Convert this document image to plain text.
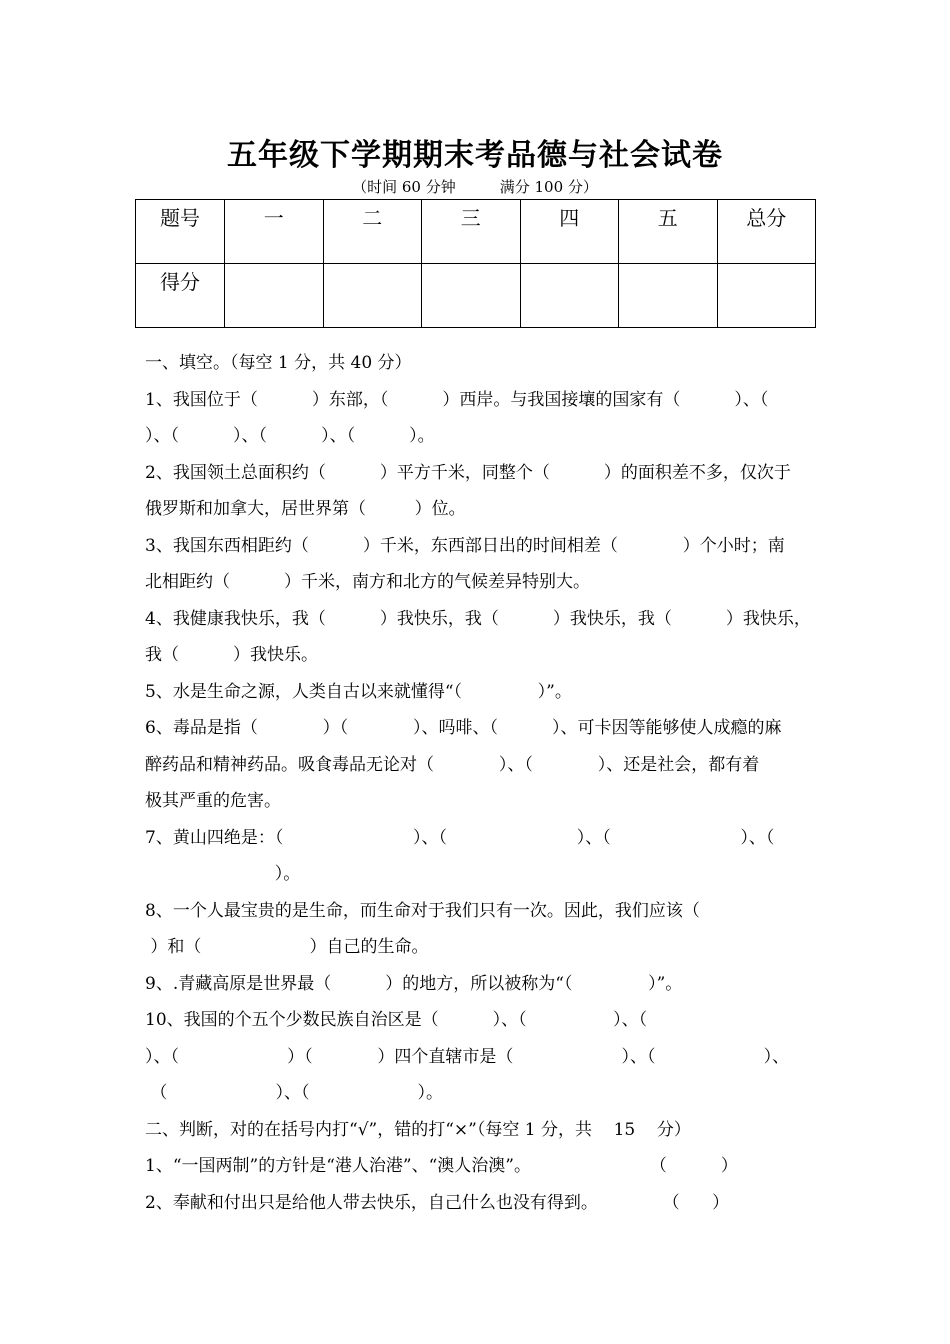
五年级下学期期末考品德与社会试卷
（时间 60 分钟	满分 100 分）
题号	一	二	三	四	五	总分
得分						
一、填空。（每空 1 分，共 40 分）
1、我国位于（          ）东部，（          ）西岸。与我国接壤的国家有（          ）、（
）、（          ）、（          ）、（          ）。
2、我国领土总面积约（          ）平方千米，同整个（          ）的面积差不多，仅次于
俄罗斯和加拿大，居世界第（         ）位。
3、我国东西相距约（          ）千米，东西部日出的时间相差（            ）个小时；南
北相距约（          ）千米，南方和北方的气候差异特别大。
4、我健康我快乐，我（          ）我快乐，我（          ）我快乐，我（          ）我快乐，
我（          ）我快乐。
5、水是生命之源，人类自古以来就懂得“（              ）”。
6、毒品是指（            ）（            ）、吗啡、（          ）、可卡因等能够使人成瘾的麻
醉药品和精神药品。吸食毒品无论对（            ）、（            ）、还是社会，都有着
极其严重的危害。
7、黄山四绝是：（                        ）、（                        ）、（                        ）、（
）。
8、一个人最宝贵的是生命，而生命对于我们只有一次。因此，我们应该（
）和（                    ）自己的生命。
9、.青藏高原是世界最（          ）的地方，所以被称为“（              ）”。
10、我国的个五个少数民族自治区是（          ）、（                ）、（
）、（                    ）（            ）四个直辖市是（                    ）、（                    ）、
（                    ）、（                    ）。
二、判断，对的在括号内打“√”，错的打“×”（每空 1 分，共    15    分）
1、“一国两制”的方针是“港人治港”、“澳人治澳”。                      （          ）
2、奉献和付出只是给他人带去快乐，自己什么也没有得到。            （      ）
